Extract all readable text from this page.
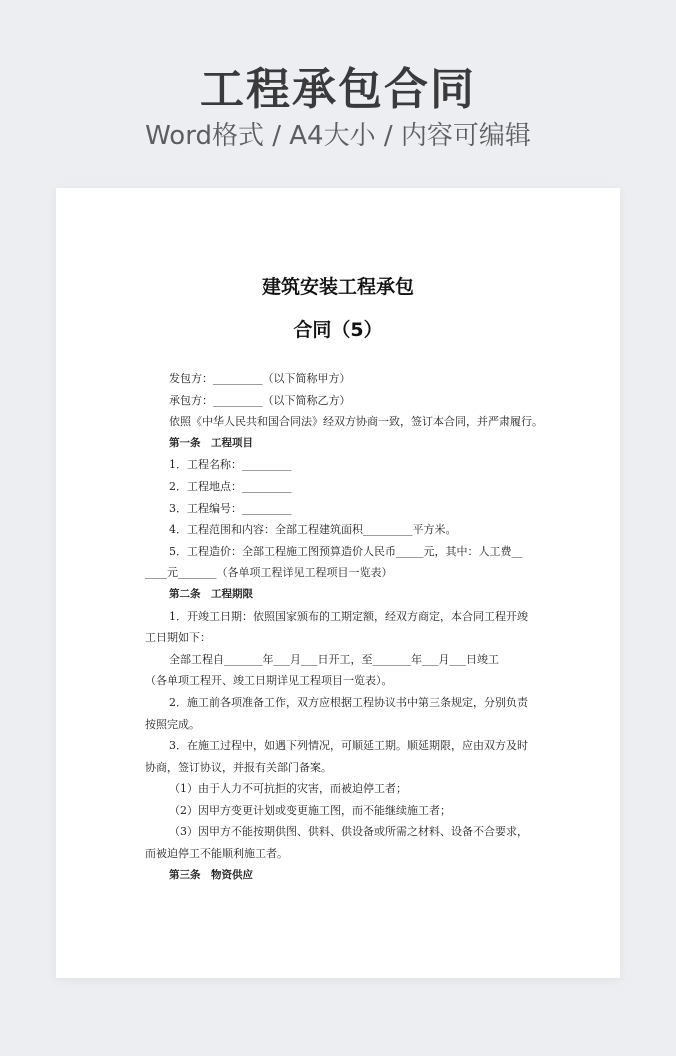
工程承包合同
Word格式 / A4大小 / 内容可编辑
建筑安装工程承包
合同（5）
发包方：_________（以下简称甲方）
承包方：_________（以下简称乙方）
依照《中华人民共和国合同法》经双方协商一致，签订本合同，并严肃履行。
第一条　工程项目
1．工程名称：_________
2．工程地点：_________
3．工程编号：_________
4．工程范围和内容：全部工程建筑面积_________平方米。
5．工程造价：全部工程施工图预算造价人民币_____元，其中：人工费__
____元_______（各单项工程详见工程项目一览表）
第二条　工程期限
1．开竣工日期：依照国家颁布的工期定额，经双方商定，本合同工程开竣
工日期如下：
全部工程自_______年___月___日开工，至_______年___月___日竣工
（各单项工程开、竣工日期详见工程项目一览表）。
2．施工前各项准备工作，双方应根据工程协议书中第三条规定，分别负责
按照完成。
3．在施工过程中，如遇下列情况，可顺延工期。顺延期限，应由双方及时
协商，签订协议，并报有关部门备案。
（1）由于人力不可抗拒的灾害，而被迫停工者；
（2）因甲方变更计划或变更施工图，而不能继续施工者；
（3）因甲方不能按期供图、供料、供设备或所需之材料、设备不合要求，
而被迫停工不能顺利施工者。
第三条　物资供应
